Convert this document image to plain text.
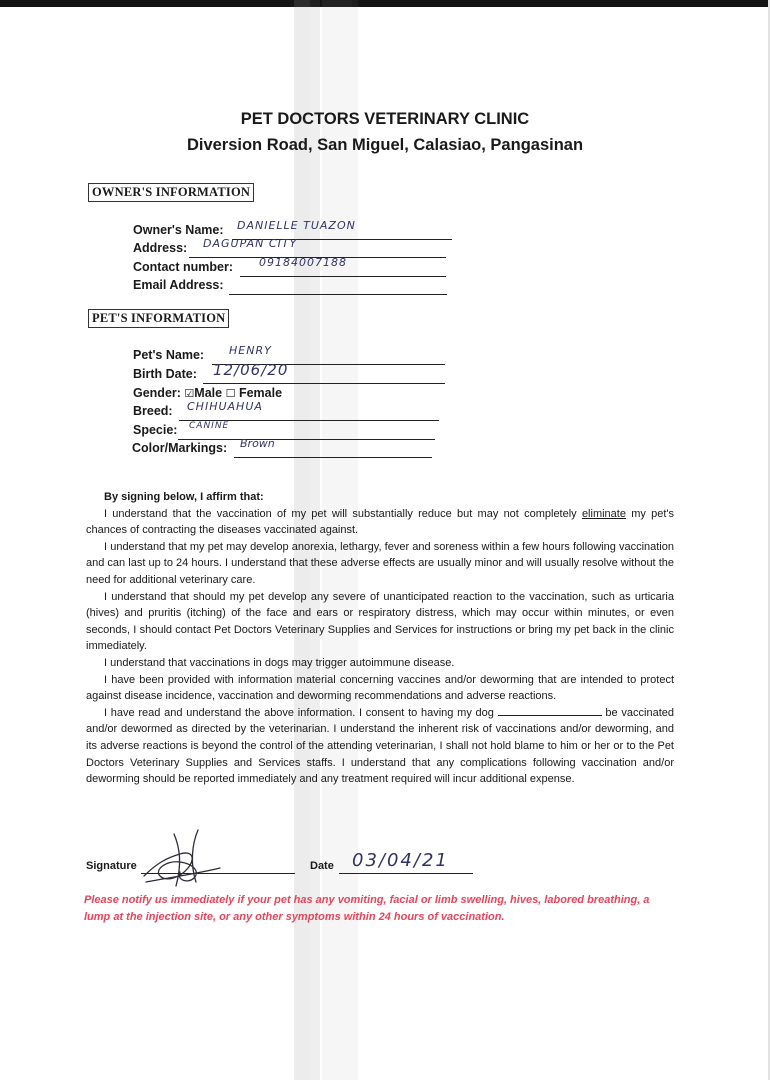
PET DOCTORS VETERINARY CLINIC
Diversion Road, San Miguel, Calasiao, Pangasinan
OWNER'S INFORMATION
Owner's Name: DANIELLE TUAZON
Address: DAGUPAN CITY
Contact number: 09184007188
Email Address:
PET'S INFORMATION
Pet's Name: HENRY
Birth Date: 12/06/20
Gender: ☑Male ☐ Female
Breed: CHIHUAHUA
Specie: CANINE
Color/Markings: Brown

By signing below, I affirm that:

I understand that the vaccination of my pet will substantially reduce but may not completely eliminate my pet's chances of contracting the diseases vaccinated against.

I understand that my pet may develop anorexia, lethargy, fever and soreness within a few hours following vaccination and can last up to 24 hours. I understand that these adverse effects are usually minor and will usually resolve without the need for additional veterinary care.

I understand that should my pet develop any severe of unanticipated reaction to the vaccination, such as urticaria (hives) and pruritis (itching) of the face and ears or respiratory distress, which may occur within minutes, or even seconds, I should contact Pet Doctors Veterinary Supplies and Services for instructions or bring my pet back in the clinic immediately.

I understand that vaccinations in dogs may trigger autoimmune disease.

I have been provided with information material concerning vaccines and/or deworming that are intended to protect against disease incidence, vaccination and deworming recommendations and adverse reactions.

I have read and understand the above information. I consent to having my dog	be vaccinated and/or dewormed as directed by the veterinarian. I understand the inherent risk of vaccinations and/or deworming, and its adverse reactions is beyond the control of the attending veterinarian, I shall not hold blame to him or her or to the Pet Doctors Veterinary Supplies and Services staffs. I understand that any complications following vaccination and/or deworming should be reported immediately and any treatment required will incur additional expense.

Signature	Date 03/04/21
Please notify us immediately if your pet has any vomiting, facial or limb swelling, hives, labored breathing, a lump at the injection site, or any other symptoms within 24 hours of vaccination.
